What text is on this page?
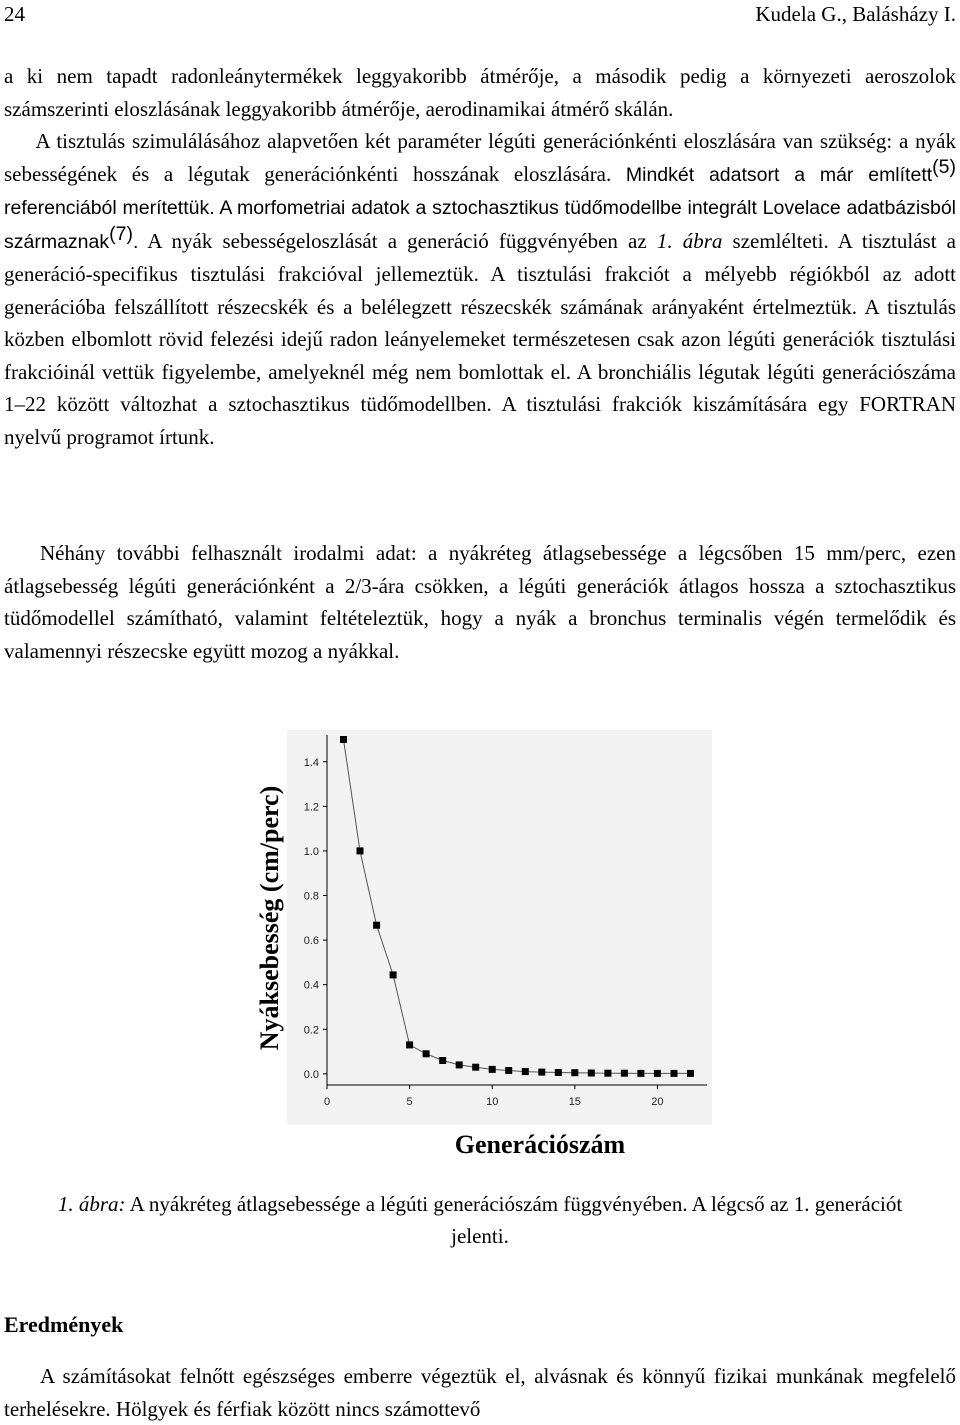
24	Kudela G., Balásházy I.

a ki nem tapadt radonleánytermékek leggyakoribb átmérője, a második pedig a környezeti aeroszolok számszerinti eloszlásának leggyakoribb átmérője, aerodinamikai átmérő skálán.
  A tisztulás szimulálásához alapvetően két paraméter légúti generációnkénti eloszlására van szükség: a nyák sebességének és a légutak generációnkénti hosszának eloszlására. Mindkét adatsort a már említett$^{(5)}$ referenciából merítettük. A morfometriai adatok a sztochasztikus tüdőmodellbe integrált Lovelace adatbázisból származnak$^{(7)}$. A nyák sebességeloszlását a generáció függvényében az 1. ábra szemlélteti. A tisztulást a generáció-specifikus tisztulási frakcióval jellemeztük. A tisztulási frakciót a mélyebb régiókból az adott generációba felszállított részecskék és a belélegzett részecskék számának arányaként értelmeztük. A tisztulás közben elbomlott rövid felezési idejű radon leányelemeket természetesen csak azon légúti generációk tisztulási frakcióinál vettük figyelembe, amelyeknél még nem bomlottak el. A bronchiális légutak légúti generációszáma 1–22 között változhat a sztochasztikus tüdőmodellben. A tisztulási frakciók kiszámítására egy FORTRAN nyelvű programot írtunk.

Néhány további felhasznált irodalmi adat: a nyákréteg átlagsebessége a légcsőben 15 mm/perc, ezen átlagsebesség légúti generációnként a 2/3-ára csökken, a légúti generációk átlagos hossza a sztochasztikus tüdőmodellel számítható, valamint feltételeztük, hogy a nyák a bronchus terminalis végén termelődik és valamennyi részecske együtt mozog a nyákkal.

Nyáksebesség (cm/perc)
0.0
0.2
0.4
0.6
0.8
1.0
1.2
1.4
0	5	10	15	20
Generációszám
1. ábra: A nyákréteg átlagsebessége a légúti generációszám függvényében. A légcső az 1. generációt jelenti.
Eredmények

A számításokat felnőtt egészséges emberre végeztük el, alvásnak és könnyű fizikai munkának megfelelő terhelésekre. Hölgyek és férfiak között nincs számottevő
